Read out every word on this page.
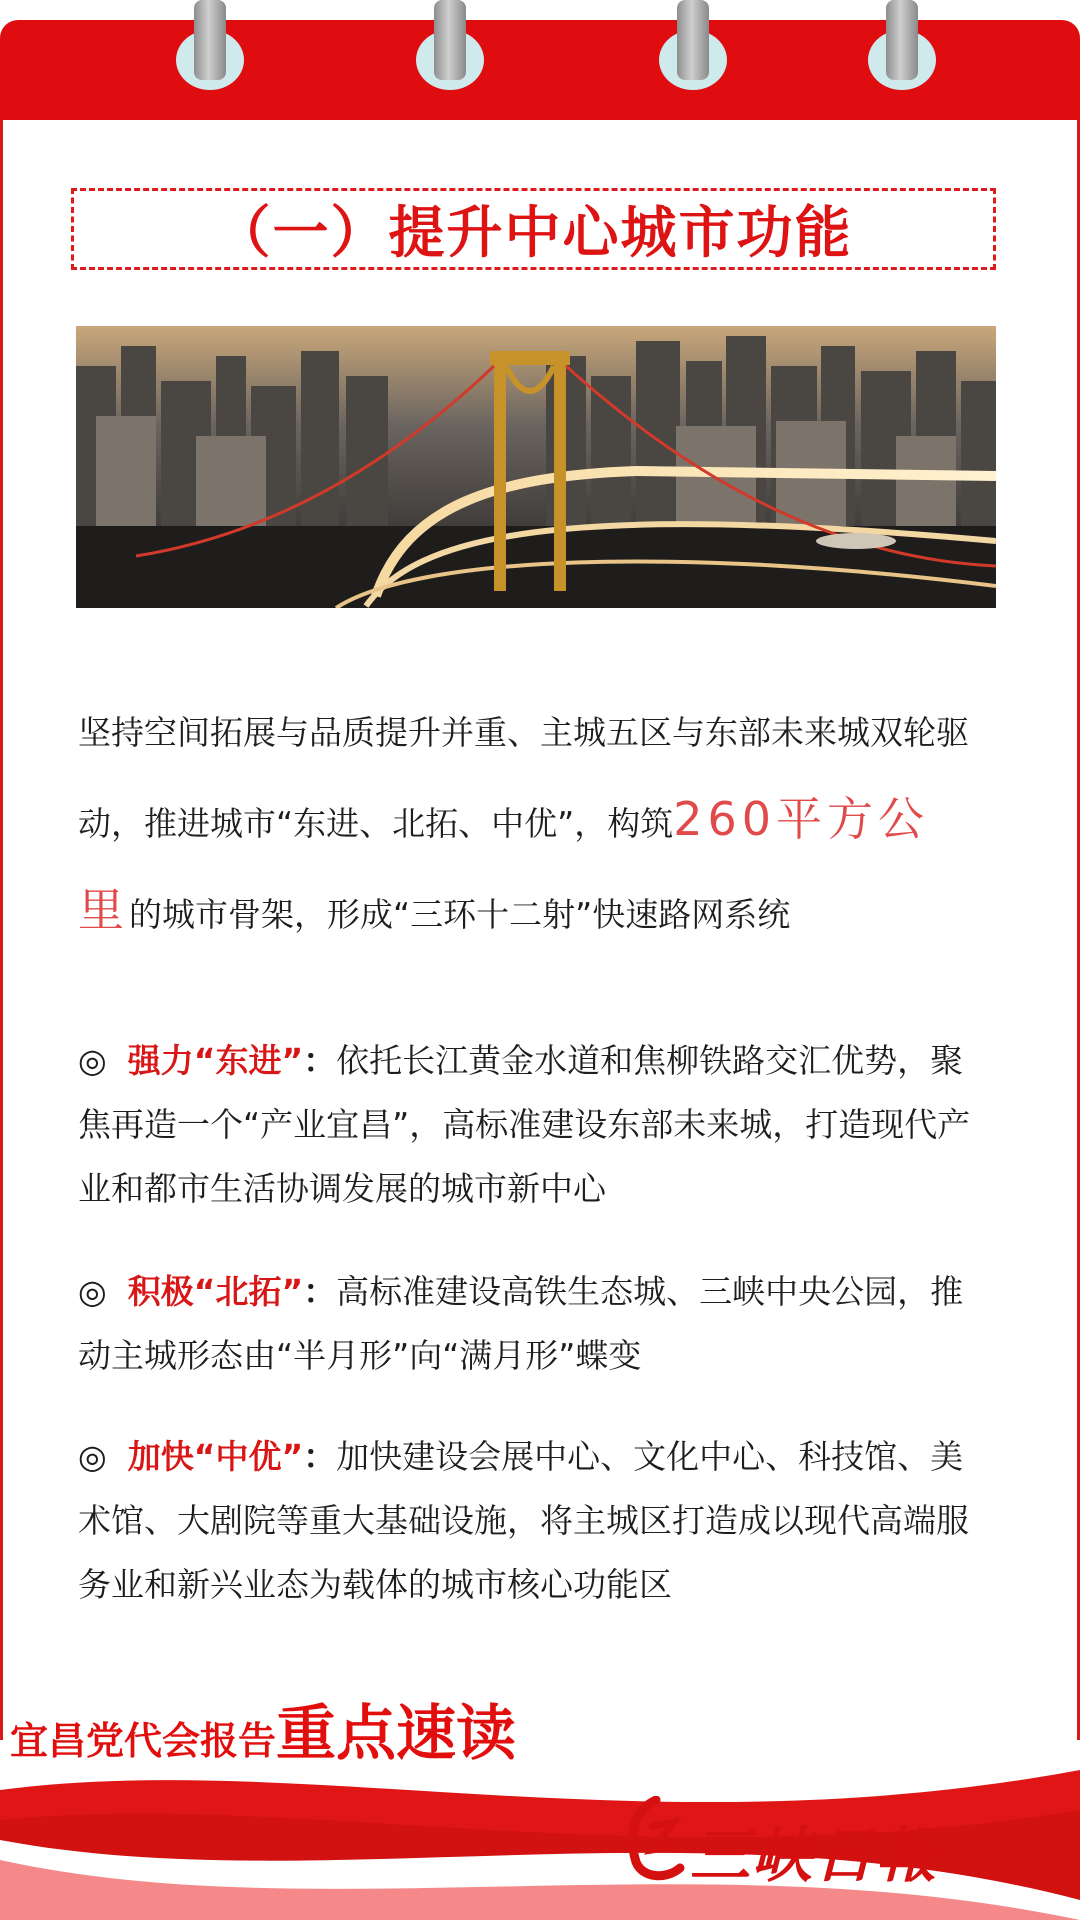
（一）提升中心城市功能
坚持空间拓展与品质提升并重、主城五区与东部未来城双轮驱动，推进城市“东进、北拓、中优”，构筑260平方公里的城市骨架，形成“三环十二射”快速路网系统
◎ 强力“东进”：依托长江黄金水道和焦柳铁路交汇优势，聚焦再造一个“产业宜昌”，高标准建设东部未来城，打造现代产业和都市生活协调发展的城市新中心
◎ 积极“北拓”：高标准建设高铁生态城、三峡中央公园，推动主城形态由“半月形”向“满月形”蝶变
◎ 加快“中优”：加快建设会展中心、文化中心、科技馆、美术馆、大剧院等重大基础设施，将主城区打造成以现代高端服务业和新兴业态为载体的城市核心功能区
宜昌党代会报告重点速读
三峡日報
